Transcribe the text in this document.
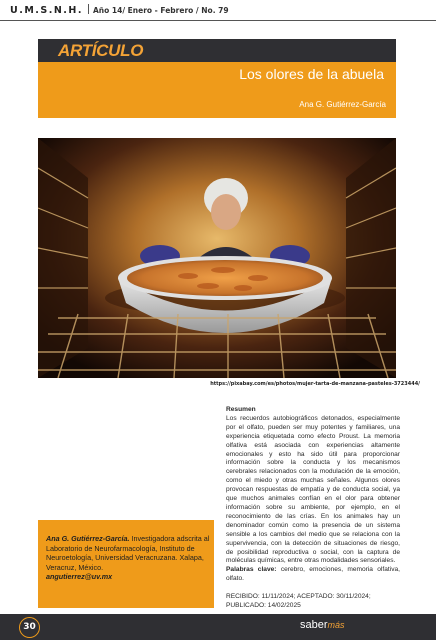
U.M.S.N.H. Año 14/ Enero - Febrero / No. 79
ARTÍCULO
Los olores de la abuela
Ana G. Gutiérrez-García
https://pixabay.com/es/photos/mujer-tarta-de-manzana-pasteles-3723444/
Resumen

Los recuerdos autobiográficos detonados, especialmente por el olfato, pueden ser muy potentes y familiares, una experiencia etiquetada como efecto Proust. La memoria olfativa está asociada con experiencias altamente emocionales y esto ha sido útil para proporcionar información sobre la conducta y los mecanismos cerebrales relacionados con la modulación de la emoción, como el miedo y otras muchas señales. Algunos olores provocan respuestas de empatía y de conducta social, ya que muchos animales confían en el olor para obtener información sobre su ambiente, por ejemplo, en el reconocimiento de las crías. En los animales hay un denominador común como la presencia de un sistema sensible a los cambios del medio que se relaciona con la supervivencia, con la detección de situaciones de riesgo, de posibilidad reproductiva o social, con la captura de moléculas químicas, entre otras modalidades sensoriales.

Palabras clave: cerebro, emociones, memoria olfativa, olfato.

RECIBIDO: 11/11/2024; ACEPTADO: 30/11/2024; PUBLICADO: 14/02/2025

Ana G. Gutiérrez-García. Investigadora adscrita al Laboratorio de Neurofarmacología, Instituto de Neuroetología, Universidad Veracruzana. Xalapa, Veracruz, México.
angutierrez@uv.mx
30	sabermás
